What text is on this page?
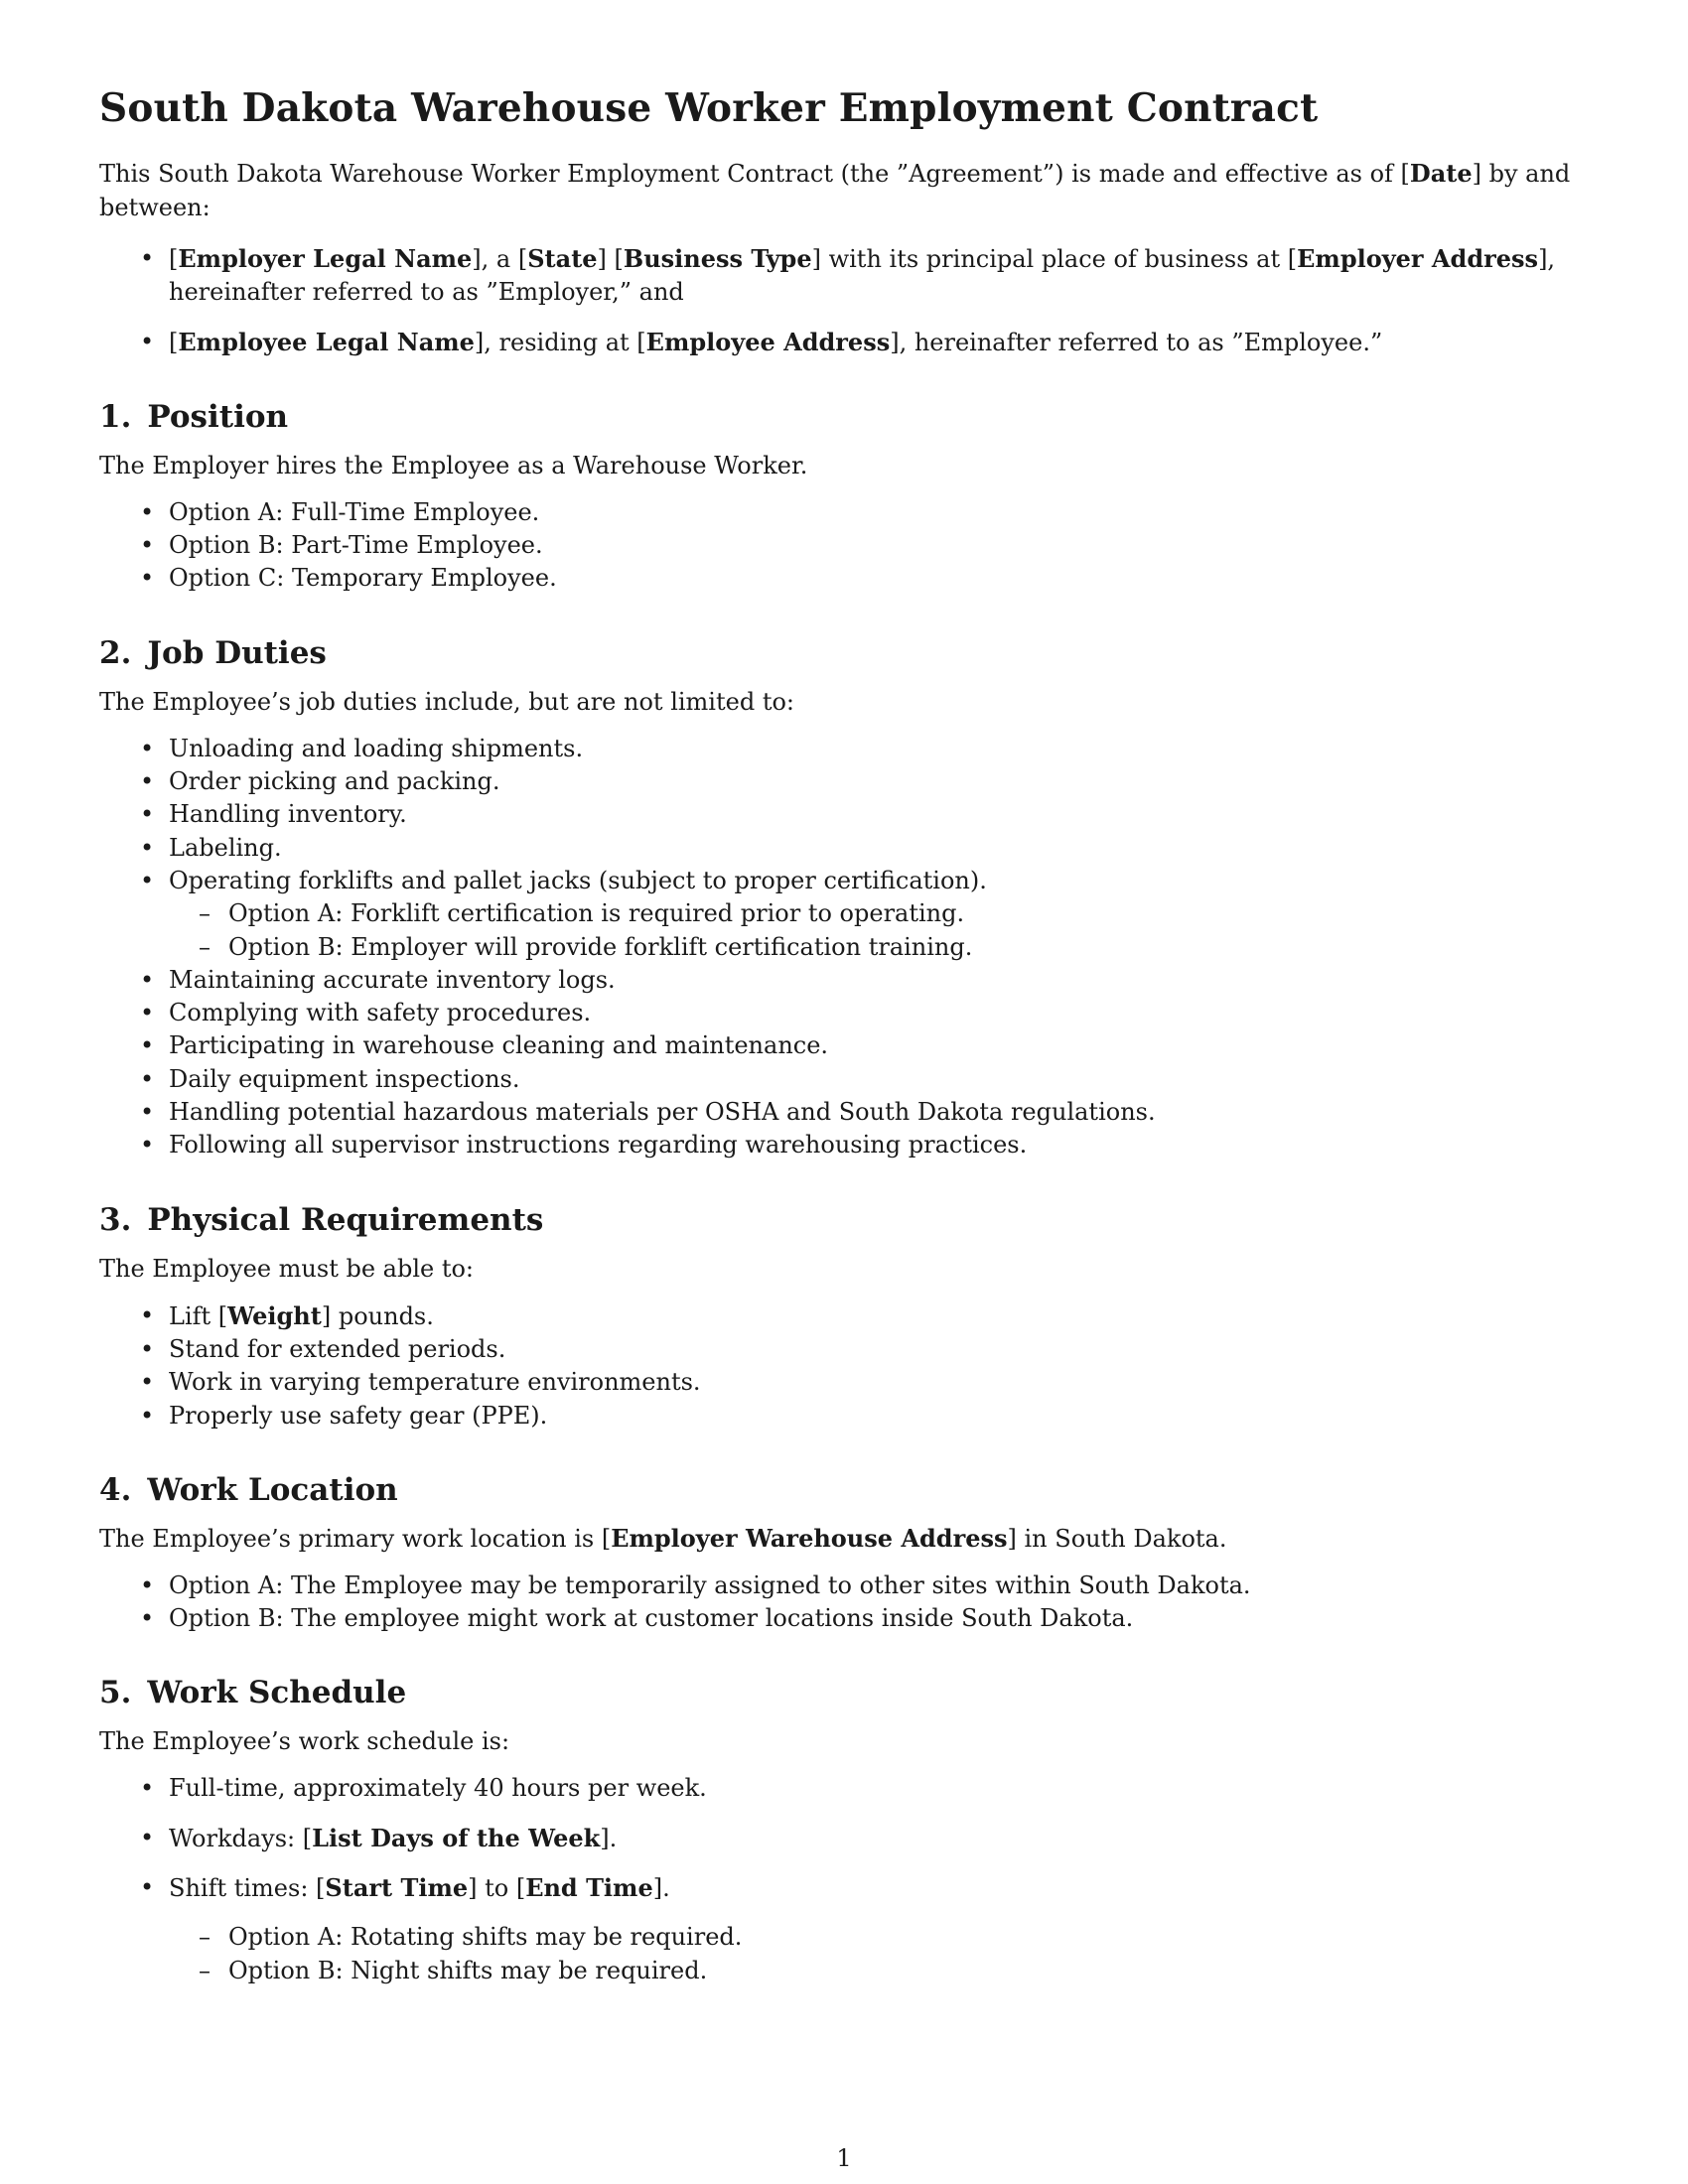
South Dakota Warehouse Worker Employment Contract

This South Dakota Warehouse Worker Employment Contract (the ”Agreement”) is made and effective as of [Date] by and between:

• [Employer Legal Name], a [State] [Business Type] with its principal place of business at [Employer Address], hereinafter referred to as ”Employer,” and
• [Employee Legal Name], residing at [Employee Address], hereinafter referred to as ”Employee.”
1. Position

The Employer hires the Employee as a Warehouse Worker.

• Option A: Full-Time Employee.
• Option B: Part-Time Employee.
• Option C: Temporary Employee.
2. Job Duties

The Employee’s job duties include, but are not limited to:

• Unloading and loading shipments.
• Order picking and packing.
• Handling inventory.
• Labeling.
• Operating forklifts and pallet jacks (subject to proper certification).
– Option A: Forklift certification is required prior to operating.
– Option B: Employer will provide forklift certification training.
• Maintaining accurate inventory logs.
• Complying with safety procedures.
• Participating in warehouse cleaning and maintenance.
• Daily equipment inspections.
• Handling potential hazardous materials per OSHA and South Dakota regulations.
• Following all supervisor instructions regarding warehousing practices.
3. Physical Requirements

The Employee must be able to:

• Lift [Weight] pounds.
• Stand for extended periods.
• Work in varying temperature environments.
• Properly use safety gear (PPE).
4. Work Location

The Employee’s primary work location is [Employer Warehouse Address] in South Dakota.

• Option A: The Employee may be temporarily assigned to other sites within South Dakota.
• Option B: The employee might work at customer locations inside South Dakota.
5. Work Schedule

The Employee’s work schedule is:

• Full-time, approximately 40 hours per week.
• Workdays: [List Days of the Week].
• Shift times: [Start Time] to [End Time].
– Option A: Rotating shifts may be required.
– Option B: Night shifts may be required.
1
